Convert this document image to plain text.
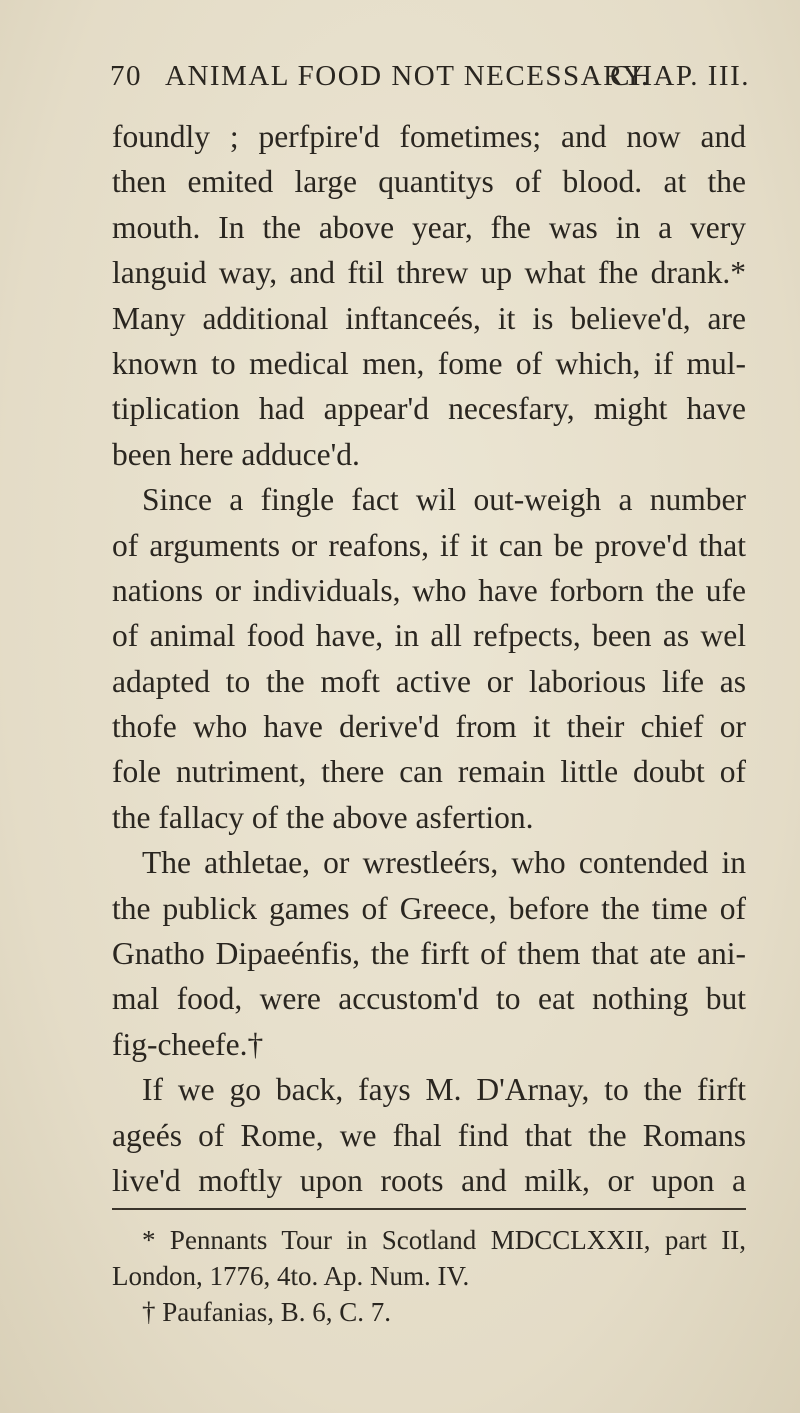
70 ANIMAL FOOD NOT NECESSARY.
CHAP. III.
foundly ; perfpire'd fometimes; and now and
then emited large quantitys of blood. at the
mouth. In the above year, fhe was in a very
languid way, and ftil threw up what fhe drank.*
Many additional inftanceés, it is believe'd, are
known to medical men, fome of which, if mul-
tiplication had appear'd necesfary, might have
been here adduce'd.
Since a fingle fact wil out-weigh a number
of arguments or reafons, if it can be prove'd that
nations or individuals, who have forborn the ufe
of animal food have, in all refpects, been as wel
adapted to the moft active or laborious life as
thofe who have derive'd from it their chief or
fole nutriment, there can remain little doubt of
the fallacy of the above asfertion.
The athletae, or wrestleérs, who contended in
the publick games of Greece, before the time of
Gnatho Dipaeénfis, the firft of them that ate ani-
mal food, were accustom'd to eat nothing but
fig-cheefe.†
If we go back, fays M. D'Arnay, to the firft
ageés of Rome, we fhal find that the Romans
live'd moftly upon roots and milk, or upon a
* Pennants Tour in Scotland MDCCLXXII, part II,
London, 1776, 4to. Ap. Num. IV.
† Paufanias, B. 6, C. 7.
